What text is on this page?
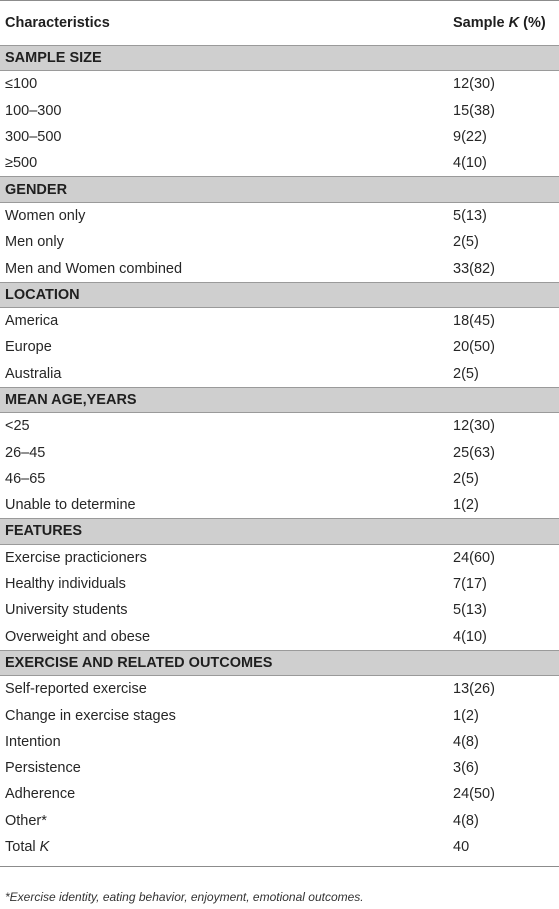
Characteristics	Sample K (%)
SAMPLE SIZE
≤100	12(30)
100–300	15(38)
300–500	9(22)
≥500	4(10)
GENDER
Women only	5(13)
Men only	2(5)
Men and Women combined	33(82)
LOCATION
America	18(45)
Europe	20(50)
Australia	2(5)
MEAN AGE,YEARS
<25	12(30)
26–45	25(63)
46–65	2(5)
Unable to determine	1(2)
FEATURES
Exercise practicioners	24(60)
Healthy individuals	7(17)
University students	5(13)
Overweight and obese	4(10)
EXERCISE AND RELATED OUTCOMES
Self-reported exercise	13(26)
Change in exercise stages	1(2)
Intention	4(8)
Persistence	3(6)
Adherence	24(50)
Other*	4(8)
Total K	40
*Exercise identity, eating behavior, enjoyment, emotional outcomes.
